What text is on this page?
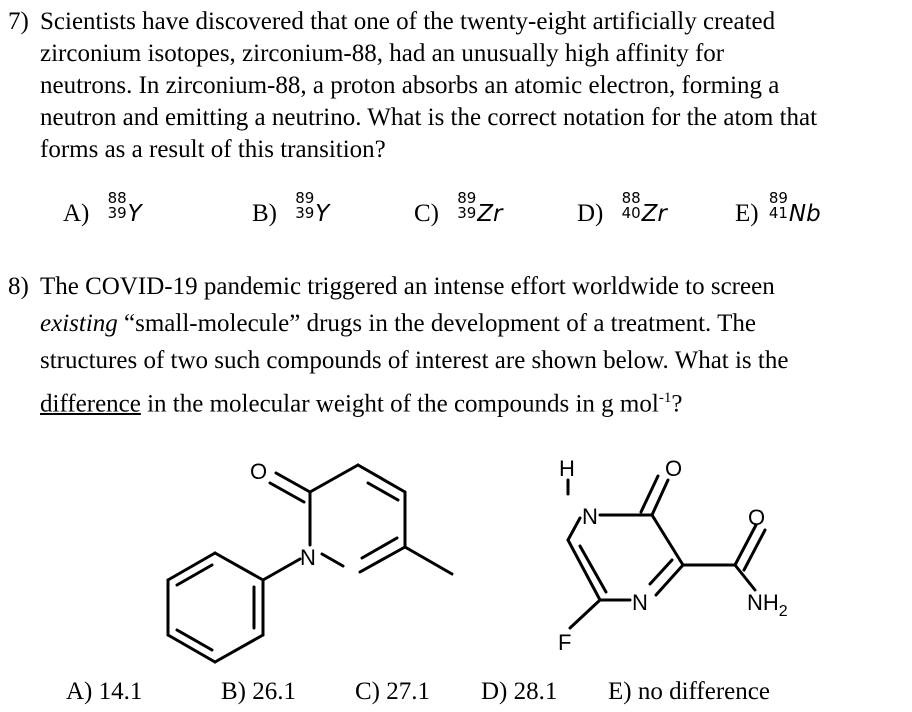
7) Scientists have discovered that one of the twenty-eight artificially created
zirconium isotopes, zirconium-88, had an unusually high affinity for
neutrons. In zirconium-88, a proton absorbs an atomic electron, forming a
neutron and emitting a neutrino. What is the correct notation for the atom that
forms as a result of this transition?
A)
88
39 Y	B)
89
39 Y	C)
89
39 Zr	D)
88
40 Zr	E)
89
41 Nb
8) The COVID-19 pandemic triggered an intense effort worldwide to screen
existing “small-molecule” drugs in the development of a treatment. The
structures of two such compounds of interest are shown below. What is the
difference in the molecular weight of the compounds in g mol$^{-1}$?
O
N
H
N
O
O
N	$NH_2$
F
A) 14.1	B) 26.1 C) 27.1 D) 28.1 E) no difference
